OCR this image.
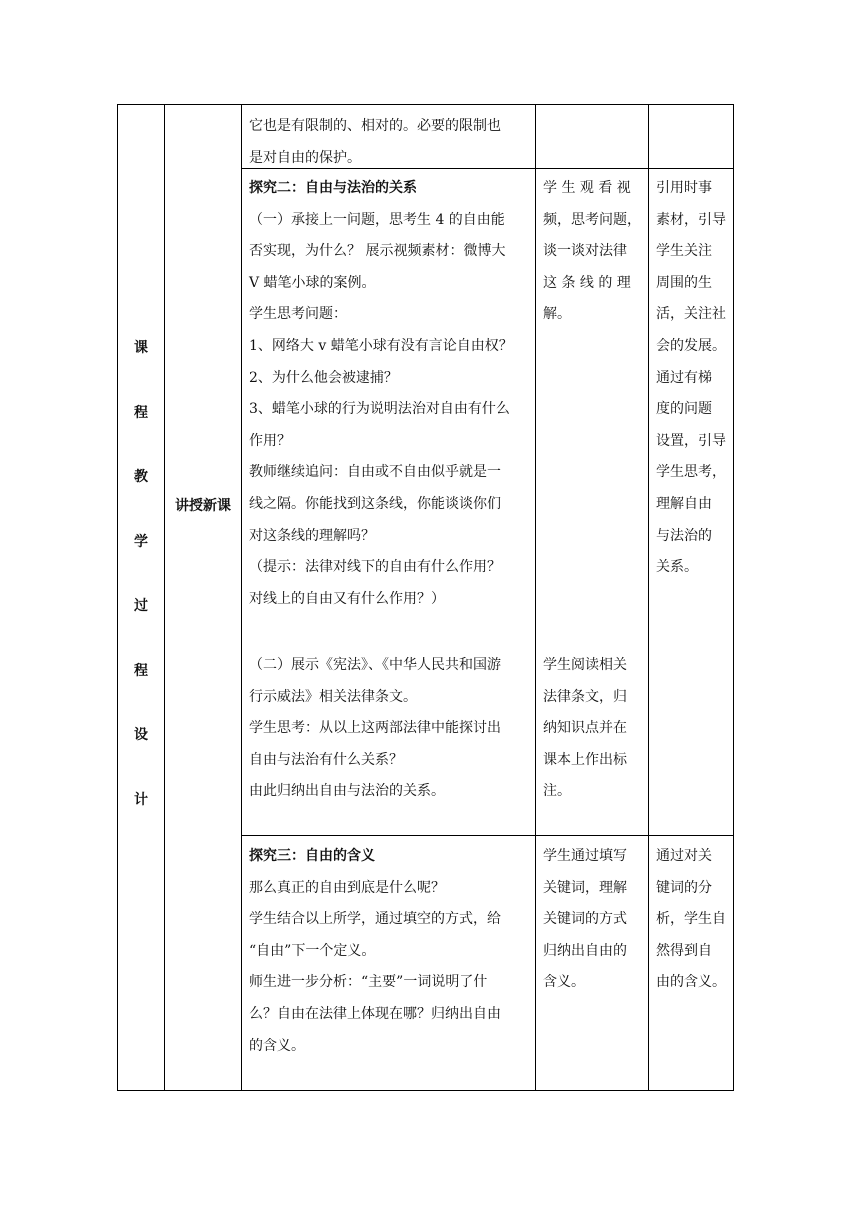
课
程
教
学
过
程
设
计
讲授新课

它也是有限制的、相对的。必要的限制也

是对自由的保护。

探究二：自由与法治的关系

（一）承接上一问题，思考生 4 的自由能

否实现，为什么？ 展示视频素材：微博大

V 蜡笔小球的案例。

学生思考问题：

1、网络大 v 蜡笔小球有没有言论自由权？

2、为什么他会被逮捕？

3、蜡笔小球的行为说明法治对自由有什么

作用？

教师继续追问：自由或不自由似乎就是一

线之隔。你能找到这条线，你能谈谈你们

对这条线的理解吗？

（提示：法律对线下的自由有什么作用？

对线上的自由又有什么作用？）

（二）展示《宪法》、《中华人民共和国游

行示威法》相关法律条文。

学生思考：从以上这两部法律中能探讨出

自由与法治有什么关系？

由此归纳出自由与法治的关系。

学 生 观 看 视

频，思考问题，

谈一谈对法律

这 条 线 的 理

解。

学生阅读相关

法律条文，归

纳知识点并在

课本上作出标

注。

引用时事

素材，引导

学生关注

周围的生

活，关注社

会的发展。

通过有梯

度的问题

设置，引导

学生思考，

理解自由

与法治的

关系。

探究三：自由的含义

那么真正的自由到底是什么呢？

学生结合以上所学，通过填空的方式，给

“自由”下一个定义。

师生进一步分析：“主要”一词说明了什

么？自由在法律上体现在哪？归纳出自由

的含义。

学生通过填写

关键词，理解

关键词的方式

归纳出自由的

含义。

通过对关

键词的分

析，学生自

然得到自

由的含义。
